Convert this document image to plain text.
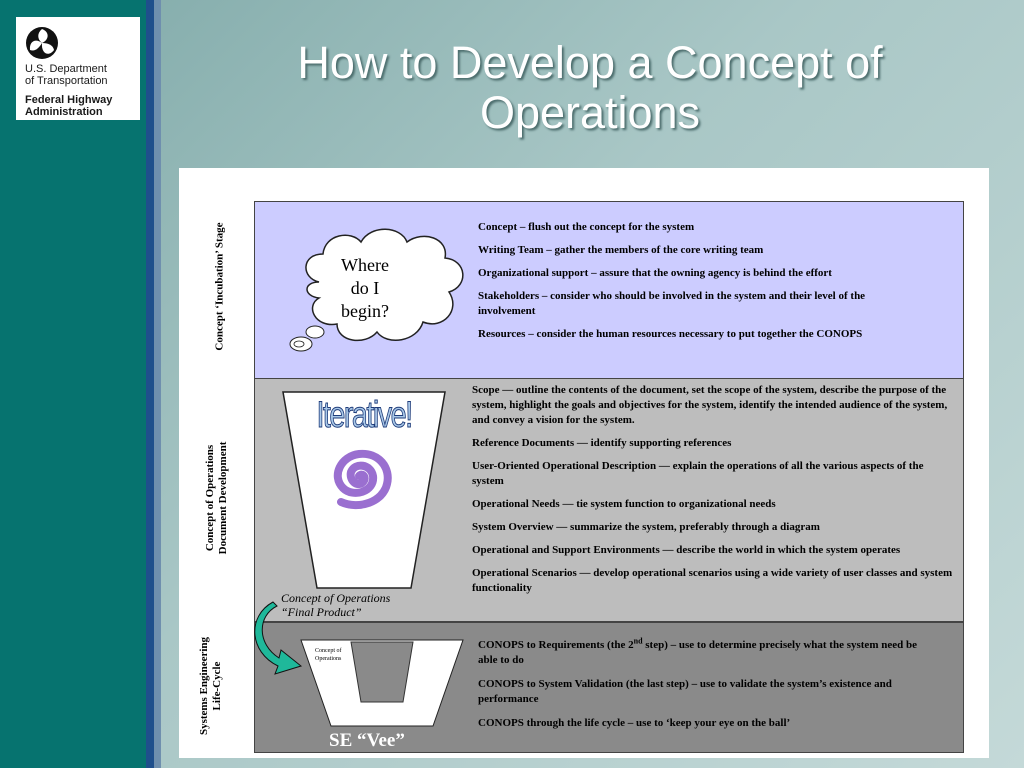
U.S. Department
of Transportation
Federal Highway
Administration
How to Develop a Concept of
Operations
Concept ‘Incubation’ Stage
Concept of Operations Document Development
Systems Engineering Life-Cycle
Where
do I
begin?
Iterative!
Concept of Operations
“Final Product”
Concept of
Operations
SE “Vee”

Concept – flush out the concept for the system

Writing Team – gather the members of the core writing team

Organizational support – assure that the owning agency is behind the effort

Stakeholders – consider who should be involved in the system and their level of the involvement

Resources – consider the human resources necessary to put together the CONOPS

Scope — outline the contents of the document, set the scope of the system, describe the purpose of the system, highlight the goals and objectives for the system, identify the intended audience of the system, and convey a vision for the system.

Reference Documents — identify supporting references

User-Oriented Operational Description — explain the operations of all the various aspects of the system

Operational Needs — tie system function to organizational needs

System Overview — summarize the system, preferably through a diagram

Operational and Support Environments — describe the world in which the system operates

Operational Scenarios — develop operational scenarios using a wide variety of user classes and system functionality

CONOPS to Requirements (the 2nd step) – use to determine precisely what the system need be able to do

CONOPS to System Validation (the last step) – use to validate the system’s existence and performance

CONOPS through the life cycle – use to ‘keep your eye on the ball’
